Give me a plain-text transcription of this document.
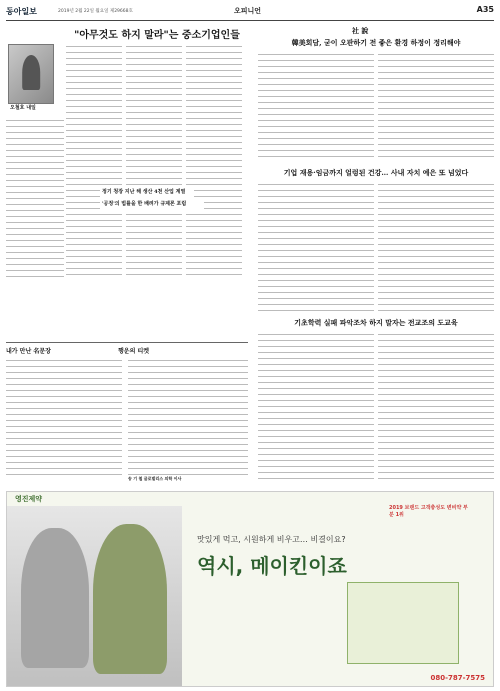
동아일보	2019년 2월 22일 월요일 제29668호	오피니언	A35
"아무것도 하지 말라"는 중소기업인들
오철호 내일
정기 청장 지난 해 생산 4천 산업 계열
'공정'의 법률을 한 배려가 규제론 포럼
내가 만난 名문장	행운의 티켓
송 기 철 글로벌리스 의학 이사
社 說
韓美회담, 굳이 오판하기 전 좋은 환경 하정이 정리해야
기업 재용·임금까지 얼렁된 건강… 사내 자치 예은 또 넘었다
기초학력 실패 파악조차 하지 말자는 전교조의 도교육
영진제약
2019 브랜드 고객충성도 변비약 부분 1위
맛있게 먹고, 시원하게 비우고… 비결이요?
역시, 메이킨이죠
080-787-7575
